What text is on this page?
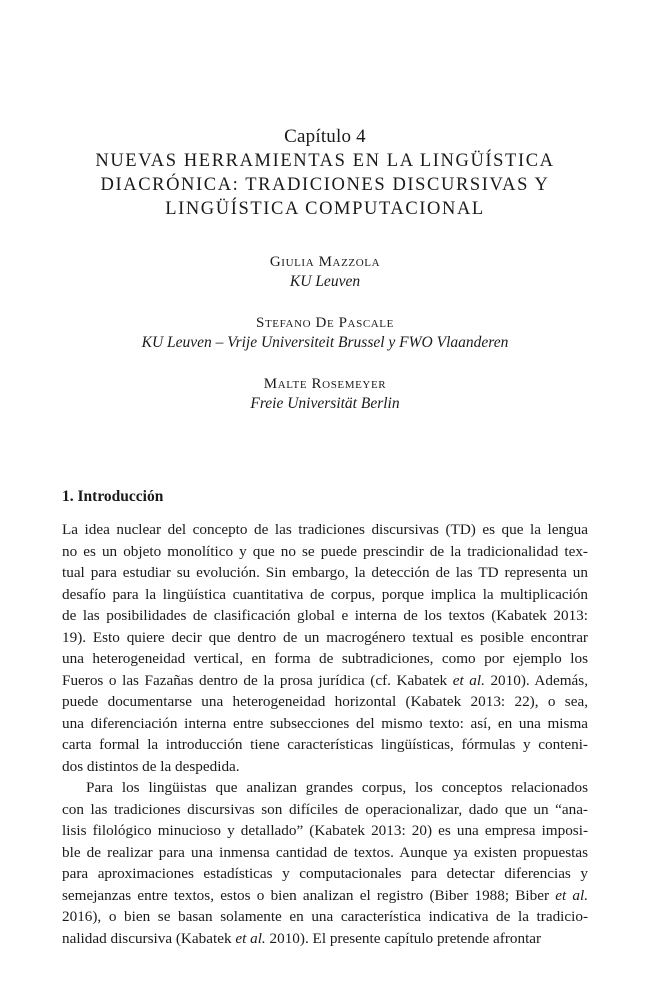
Capítulo 4
NUEVAS HERRAMIENTAS EN LA LINGÜÍSTICA
DIACRÓNICA: TRADICIONES DISCURSIVAS Y
LINGÜÍSTICA COMPUTACIONAL
Giulia Mazzola
KU Leuven
Stefano De Pascale
KU Leuven – Vrije Universiteit Brussel y FWO Vlaanderen
Malte Rosemeyer
Freie Universität Berlin
1. Introducción

La idea nuclear del concepto de las tradiciones discursivas (TD) es que la lengua
no es un objeto monolítico y que no se puede prescindir de la tradicionalidad tex-
tual para estudiar su evolución. Sin embargo, la detección de las TD representa un
desafío para la lingüística cuantitativa de corpus, porque implica la multiplicación
de las posibilidades de clasificación global e interna de los textos (Kabatek 2013:
19). Esto quiere decir que dentro de un macrogénero textual es posible encontrar
una heterogeneidad vertical, en forma de subtradiciones, como por ejemplo los
Fueros o las Fazañas dentro de la prosa jurídica (cf. Kabatek et al. 2010). Además,
puede documentarse una heterogeneidad horizontal (Kabatek 2013: 22), o sea,
una diferenciación interna entre subsecciones del mismo texto: así, en una misma
carta formal la introducción tiene características lingüísticas, fórmulas y conteni-
dos distintos de la despedida.

Para los lingüistas que analizan grandes corpus, los conceptos relacionados
con las tradiciones discursivas son difíciles de operacionalizar, dado que un “ana-
lisis filológico minucioso y detallado” (Kabatek 2013: 20) es una empresa imposi-
ble de realizar para una inmensa cantidad de textos. Aunque ya existen propuestas
para aproximaciones estadísticas y computacionales para detectar diferencias y
semejanzas entre textos, estos o bien analizan el registro (Biber 1988; Biber et al.
2016), o bien se basan solamente en una característica indicativa de la tradicio-
nalidad discursiva (Kabatek et al. 2010). El presente capítulo pretende afrontar
